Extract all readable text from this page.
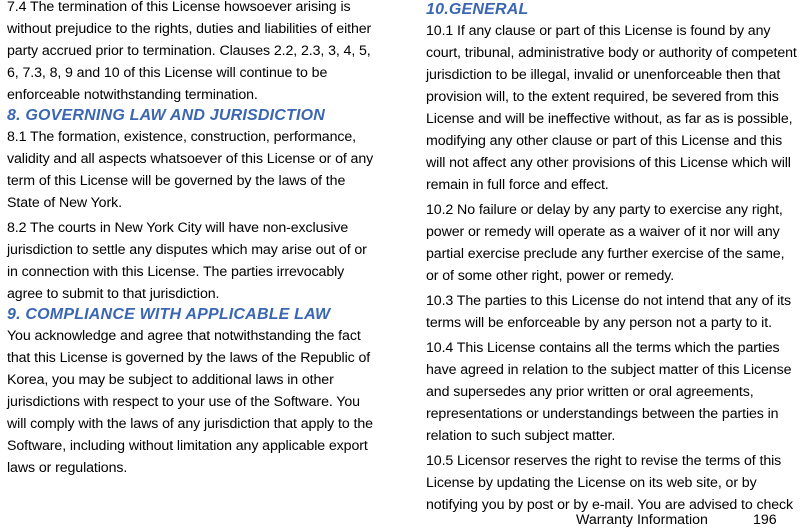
7.4 The termination of this License howsoever arising is without prejudice to the rights, duties and liabilities of either party accrued prior to termination. Clauses 2.2, 2.3, 3, 4, 5, 6, 7.3, 8, 9 and 10 of this License will continue to be enforceable notwithstanding termination.

8. GOVERNING LAW AND JURISDICTION

8.1 The formation, existence, construction, performance, validity and all aspects whatsoever of this License or of any term of this License will be governed by the laws of the State of New York.

8.2 The courts in New York City will have non-exclusive jurisdiction to settle any disputes which may arise out of or in connection with this License. The parties irrevocably agree to submit to that jurisdiction.

9. COMPLIANCE WITH APPLICABLE LAW

You acknowledge and agree that notwithstanding the fact that this License is governed by the laws of the Republic of Korea, you may be subject to additional laws in other jurisdictions with respect to your use of the Software. You will comply with the laws of any jurisdiction that apply to the Software, including without limitation any applicable export laws or regulations.

10.GENERAL

10.1 If any clause or part of this License is found by any court, tribunal, administrative body or authority of competent jurisdiction to be illegal, invalid or unenforceable then that provision will, to the extent required, be severed from this License and will be ineffective without, as far as is possible, modifying any other clause or part of this License and this will not affect any other provisions of this License which will remain in full force and effect.

10.2 No failure or delay by any party to exercise any right, power or remedy will operate as a waiver of it nor will any partial exercise preclude any further exercise of the same, or of some other right, power or remedy.

10.3 The parties to this License do not intend that any of its terms will be enforceable by any person not a party to it.

10.4 This License contains all the terms which the parties have agreed in relation to the subject matter of this License and supersedes any prior written or oral agreements, representations or understandings between the parties in relation to such subject matter.

10.5 Licensor reserves the right to revise the terms of this License by updating the License on its web site, or by notifying you by post or by e-mail. You are advised to check

Warranty Information	196
